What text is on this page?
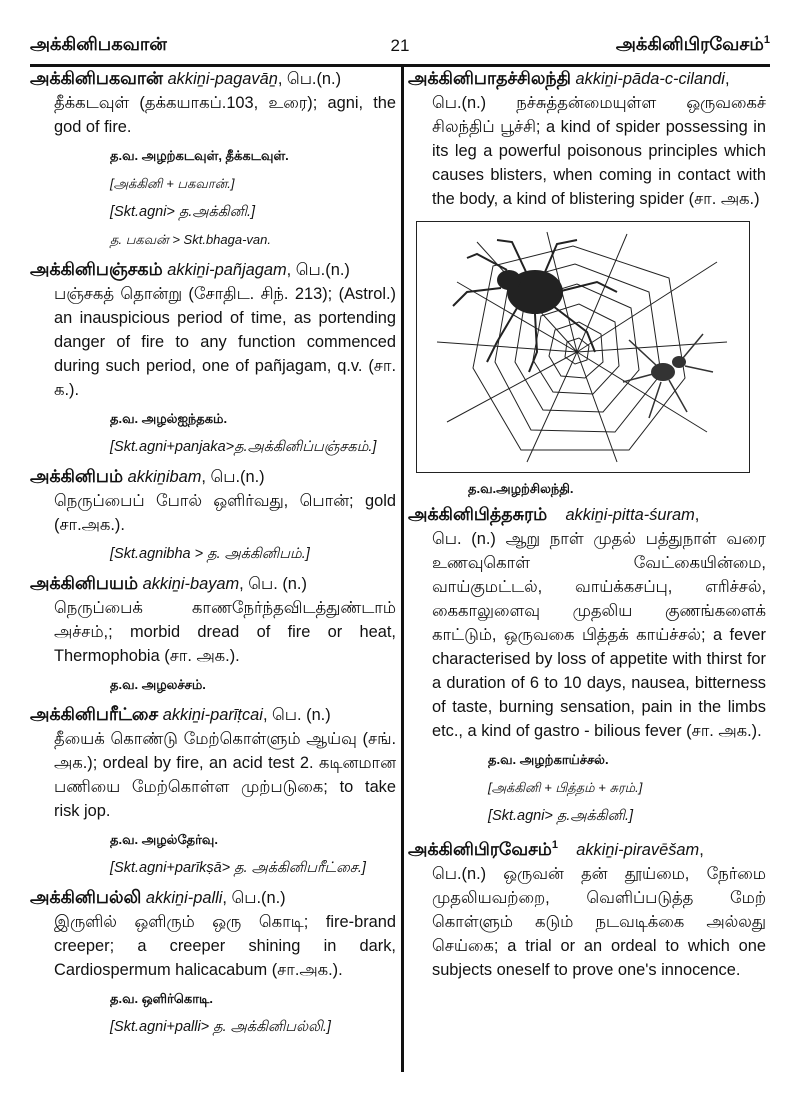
அக்கினிபகவான்	21	அக்கினிபிரவேசம்$^1$
அக்கினிபகவான் akkiṉi-pagavāṉ, பெ.(n.)
தீக்கடவுள் (தக்கயாகப்.103, உரை); agni, the god of fire.
த.வ. அழற்கடவுள், தீக்கடவுள்.
[அக்கினி + பகவான்.]
[Skt.agni> த.அக்கினி.]
த. பகவன் > Skt.bhaga-van.
அக்கினிபஞ்சகம் akkiṉi-pañjagam, பெ.(n.)
பஞ்சகத் தொன்று (சோதிட. சிந். 213); (Astrol.) an inauspicious period of time, as portending danger of fire to any function commenced during such period, one of pañjagam, q.v. (சா. க.).
த.வ. அழல்ஐந்தகம்.
[Skt.agni+panjaka>த.அக்கினிப்பஞ்சகம்.]
அக்கினிபம் akkiṉibam, பெ.(n.)
நெருப்பைப் போல் ஒளிர்வது, பொன்; gold (சா.அக.).
[Skt.agnibha > த. அக்கினிபம்.]
அக்கினிபயம் akkiṉi-bayam, பெ. (n.)
நெருப்பைக் காணநேர்ந்தவிடத்துண்டாம் அச்சம்,; morbid dread of fire or heat, Thermophobia (சா. அக.).
த.வ. அழலச்சம்.
அக்கினிபரீட்சை akkiṉi-parīṭcai, பெ. (n.)
தீயைக் கொண்டு மேற்கொள்ளும் ஆய்வு (சங். அக.); ordeal by fire, an acid test 2. கடினமான பணியை மேற்கொள்ள முற்படுகை; to take risk jop.
த.வ. அழல்தேர்வு.
[Skt.agni+parīkṣā> த. அக்கினிபரீட்சை.]
அக்கினிபல்லி akkiṉi-palli, பெ.(n.)
இருளில் ஒளிரும் ஒரு கொடி; fire-brand creeper; a creeper shining in dark, Cardiospermum halicacabum (சா.அக.).
த.வ. ஒளிர்கொடி.
[Skt.agni+palli> த. அக்கினிபல்லி.]
அக்கினிபாதச்சிலந்தி akkiṉi-pāda-c-cilandi,
பெ.(n.) நச்சுத்தன்மையுள்ள ஒருவகைச் சிலந்திப் பூச்சி; a kind of spider possessing in its leg a powerful poisonous principles which causes blisters, when coming in contact with the body, a kind of blistering spider (சா. அக.)
த.வ.அழற்சிலந்தி.
அக்கினிபித்தசுரம் akkiṉi-pitta-śuram,
பெ. (n.) ஆறு நாள் முதல் பத்துநாள் வரை உணவுகொள் வேட்கையின்மை, வாய்குமட்டல், வாய்க்கசப்பு, எரிச்சல், கைகாலுளைவு முதலிய குணங்களைக் காட்டும், ஒருவகை பித்தக் காய்ச்சல்; a fever characterised by loss of appetite with thirst for a duration of 6 to 10 days, nausea, bitterness of taste, burning sensation, pain in the limbs etc., a kind of gastro - bilious fever (சா. அக.).
த.வ. அழற்காய்ச்சல்.
[அக்கினி + பித்தம் + சுரம்.]
[Skt.agni> த.அக்கினி.]
அக்கினிபிரவேசம்$^1$ akkiṉi-piravēšam,
பெ.(n.) ஒருவன் தன் தூய்மை, நேர்மை முதலியவற்றை, வெளிப்படுத்த மேற் கொள்ளும் கடும் நடவடிக்கை அல்லது செய்கை; a trial or an ordeal to which one subjects oneself to prove one's innocence.
